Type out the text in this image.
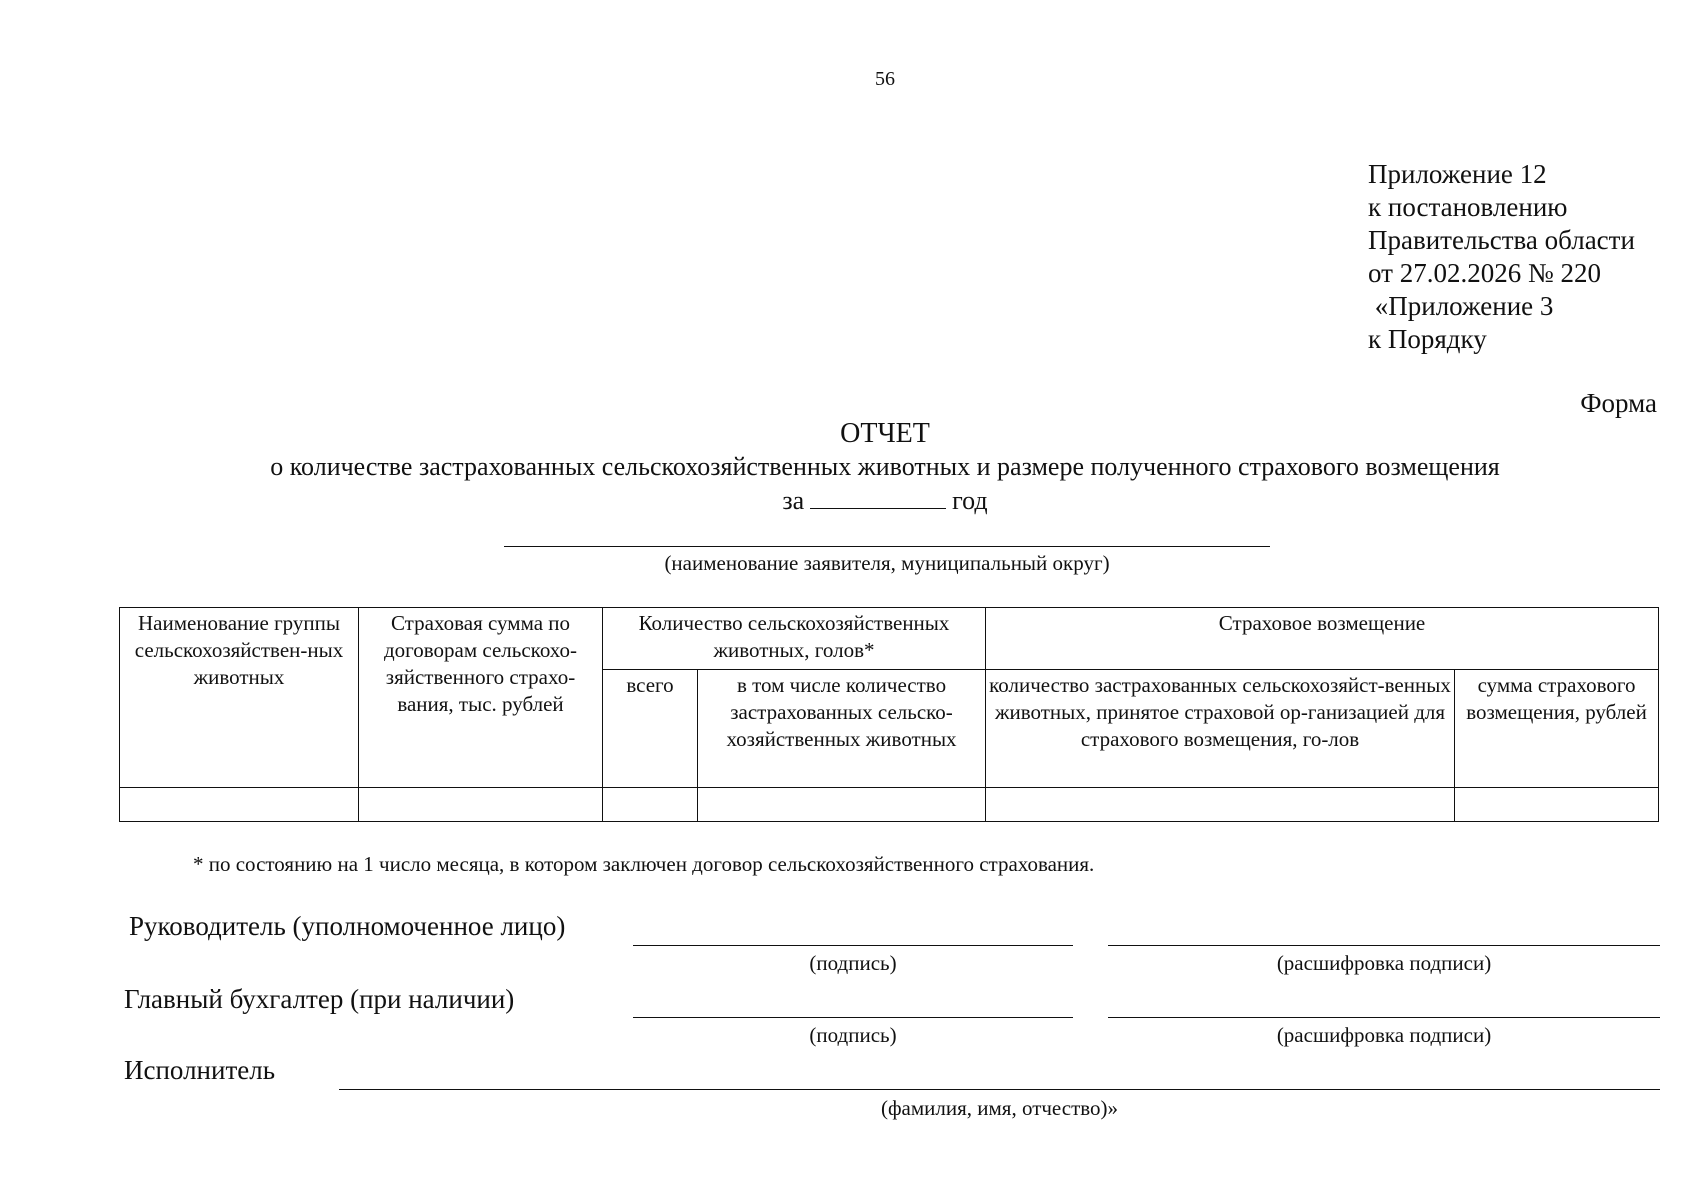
56
Приложение 12
к постановлению
Правительства области
от 27.02.2026 № 220
«Приложение 3
к Порядку
Форма
ОТЧЕТ
о количестве застрахованных сельскохозяйственных животных и размере полученного страхового возмещения
за	год
(наименование заявителя, муниципальный округ)
Наименование группы сельскохозяйствен-ных животных	Страховая сумма по договорам сельскохо-зяйственного страхо-вания, тыс. рублей	Количество сельскохозяйственных животных, голов*		Страховое возмещение	
		всего	в том числе количество застрахованных сельско-хозяйственных животных	количество застрахованных сельскохозяйст-венных животных, принятое страховой ор-ганизацией для страхового возмещения, го-лов	сумма страхового возмещения, рублей

* по состоянию на 1 число месяца, в котором заключен договор сельскохозяйственного страхования.
Руководитель (уполномоченное лицо)
(подпись)	(расшифровка подписи)
Главный бухгалтер (при наличии)
(подпись)	(расшифровка подписи)
Исполнитель
(фамилия, имя, отчество)»
